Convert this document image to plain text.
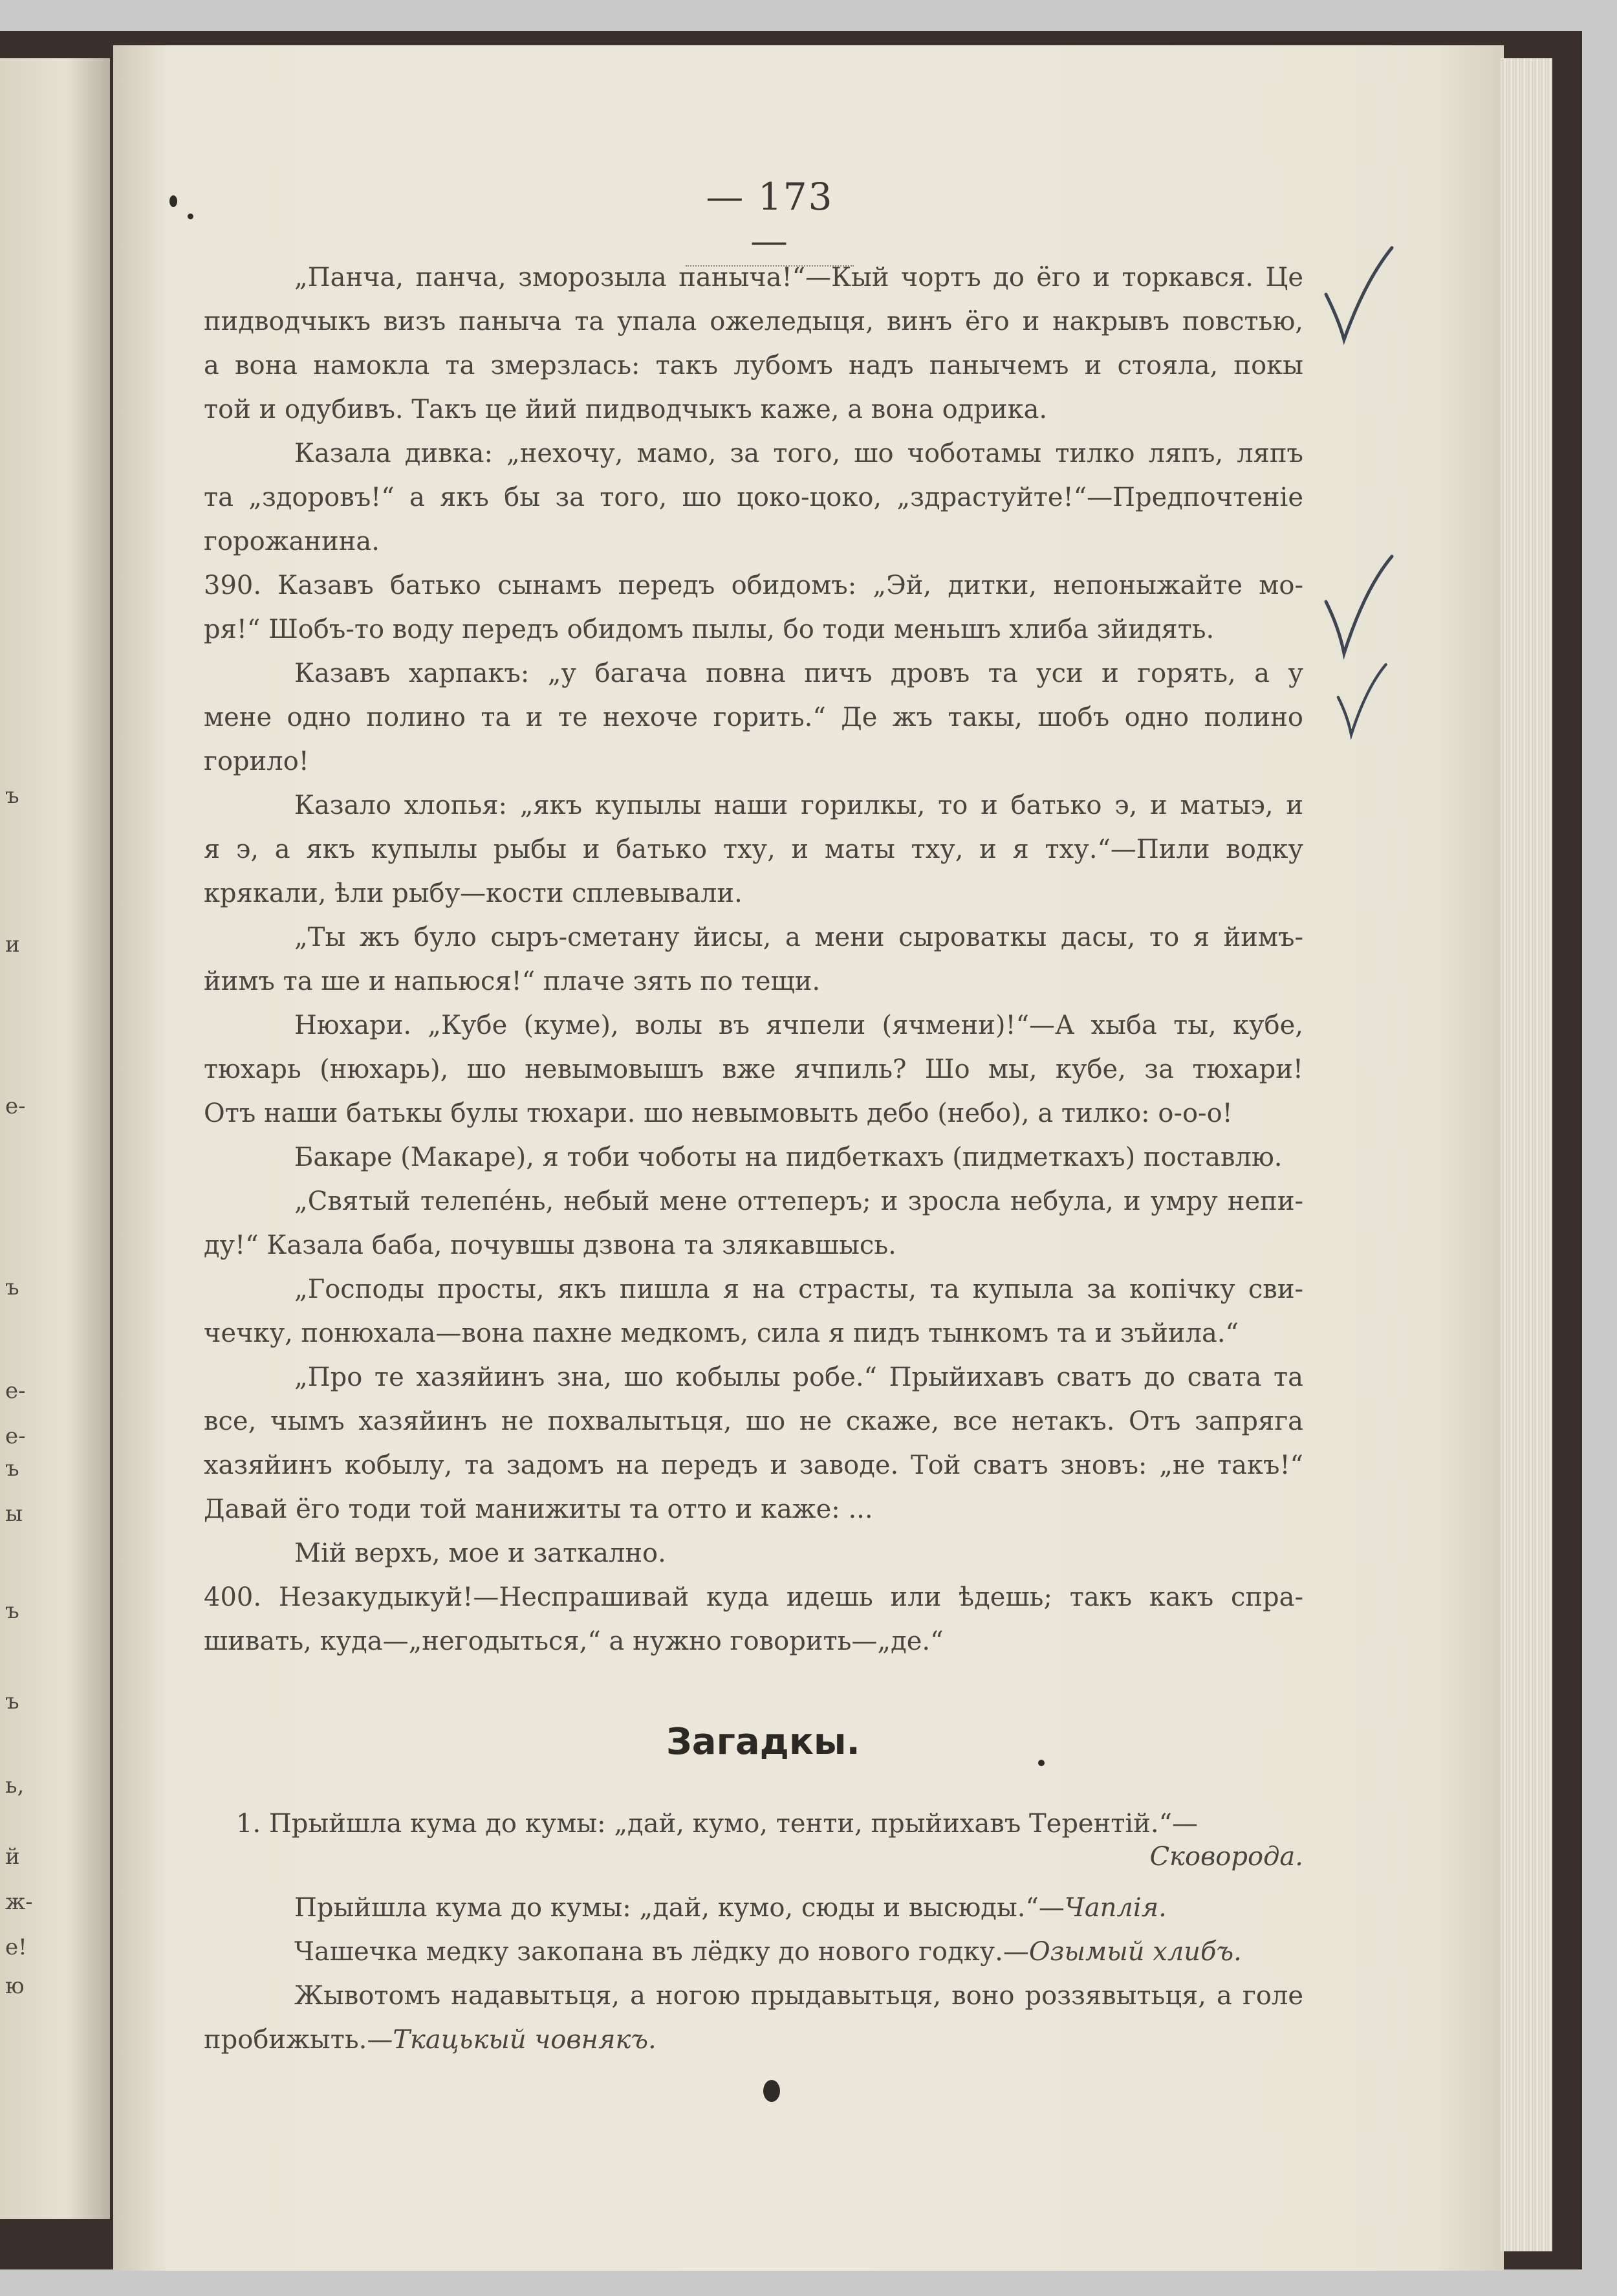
ъ
и
е-
ъ
е-
е-
ъ
ы
ъ
ъ
ь,
й
ж-
е!
ю
— 173 —
„Панча, панча, зморозыла паныча!“—Кый чортъ до ёго и торкався. Це
пидводчыкъ визъ паныча та упала ожеледыця, винъ ёго и накрывъ повстью,
а вона намокла та змерзлась: такъ лубомъ надъ панычемъ и стояла, покы
той и одубивъ. Такъ це йий пидводчыкъ каже, а вона одрика.
Казала дивка: „нехочу, мамо, за того, шо чоботамы тилко ляпъ, ляпъ
та „здоровъ!“ а якъ бы за того, шо цоко-цоко, „здрастуйте!“—Предпочтеніе
горожанина.
390. Казавъ батько сынамъ передъ обидомъ: „Эй, дитки, непоныжайте мо-
ря!“ Шобъ-то воду передъ обидомъ пылы, бо тоди меньшъ хлиба зйидять.
Казавъ харпакъ: „у багача повна пичъ дровъ та уси и горять, а у
мене одно полино та и те нехоче горить.“ Де жъ такы, шобъ одно полино
горило!
Казало хлопья: „якъ купылы наши горилкы, то и батько э, и матыэ, и
я э, а якъ купылы рыбы и батько тху, и маты тху, и я тху.“—Пили водку
крякали, ѣли рыбу—кости сплевывали.
„Ты жъ було сыръ-сметану йисы, а мени сыроваткы дасы, то я йимъ-
йимъ та ше и напьюся!“ плаче зять по тещи.
Нюхари. „Кубе (куме), волы въ ячпели (ячмени)!“—А хыба ты, кубе,
тюхарь (нюхарь), шо невымовышъ вже ячпиль? Шо мы, кубе, за тюхари!
Отъ наши батькы булы тюхари. шо невымовыть дебо (небо), а тилко: о-о-о!
Бакаре (Макаре), я тоби чоботы на пидбеткахъ (пидметкахъ) поставлю.
„Святый телепéнь, небый мене оттеперъ; и зросла небула, и умру непи-
ду!“ Казала баба, почувшы дзвона та злякавшысь.
„Господы просты, якъ пишла я на страсты, та купыла за копічку сви-
чечку, понюхала—вона пахне медкомъ, сила я пидъ тынкомъ та и зъйила.“
„Про те хазяйинъ зна, шо кобылы робе.“ Прыйихавъ сватъ до свата та
все, чымъ хазяйинъ не похвалытьця, шо не скаже, все нетакъ. Отъ запряга
хазяйинъ кобылу, та задомъ на передъ и заводе. Той сватъ зновъ: „не такъ!“
Давай ёго тоди той манижиты та отто и каже: ...
Мій верхъ, мое и заткално.
400. Незакудыкуй!—Неспрашивай куда идешь или ѣдешь; такъ какъ спра-
шивать, куда—„негодыться,“ а нужно говорить—„де.“
Загадкы.
1. Прыйшла кума до кумы: „дай, кумо, тенти, прыйихавъ Терентій.“—
Сковорода.
Прыйшла кума до кумы: „дай, кумо, сюды и высюды.“—Чаплія.
Чашечка медку закопана въ лёдку до нового годку.—Озымый хлибъ.
Жывотомъ надавытьця, а ногою прыдавытьця, воно роззявытьця, а голе
пробижыть.—Ткацькый човнякъ.
